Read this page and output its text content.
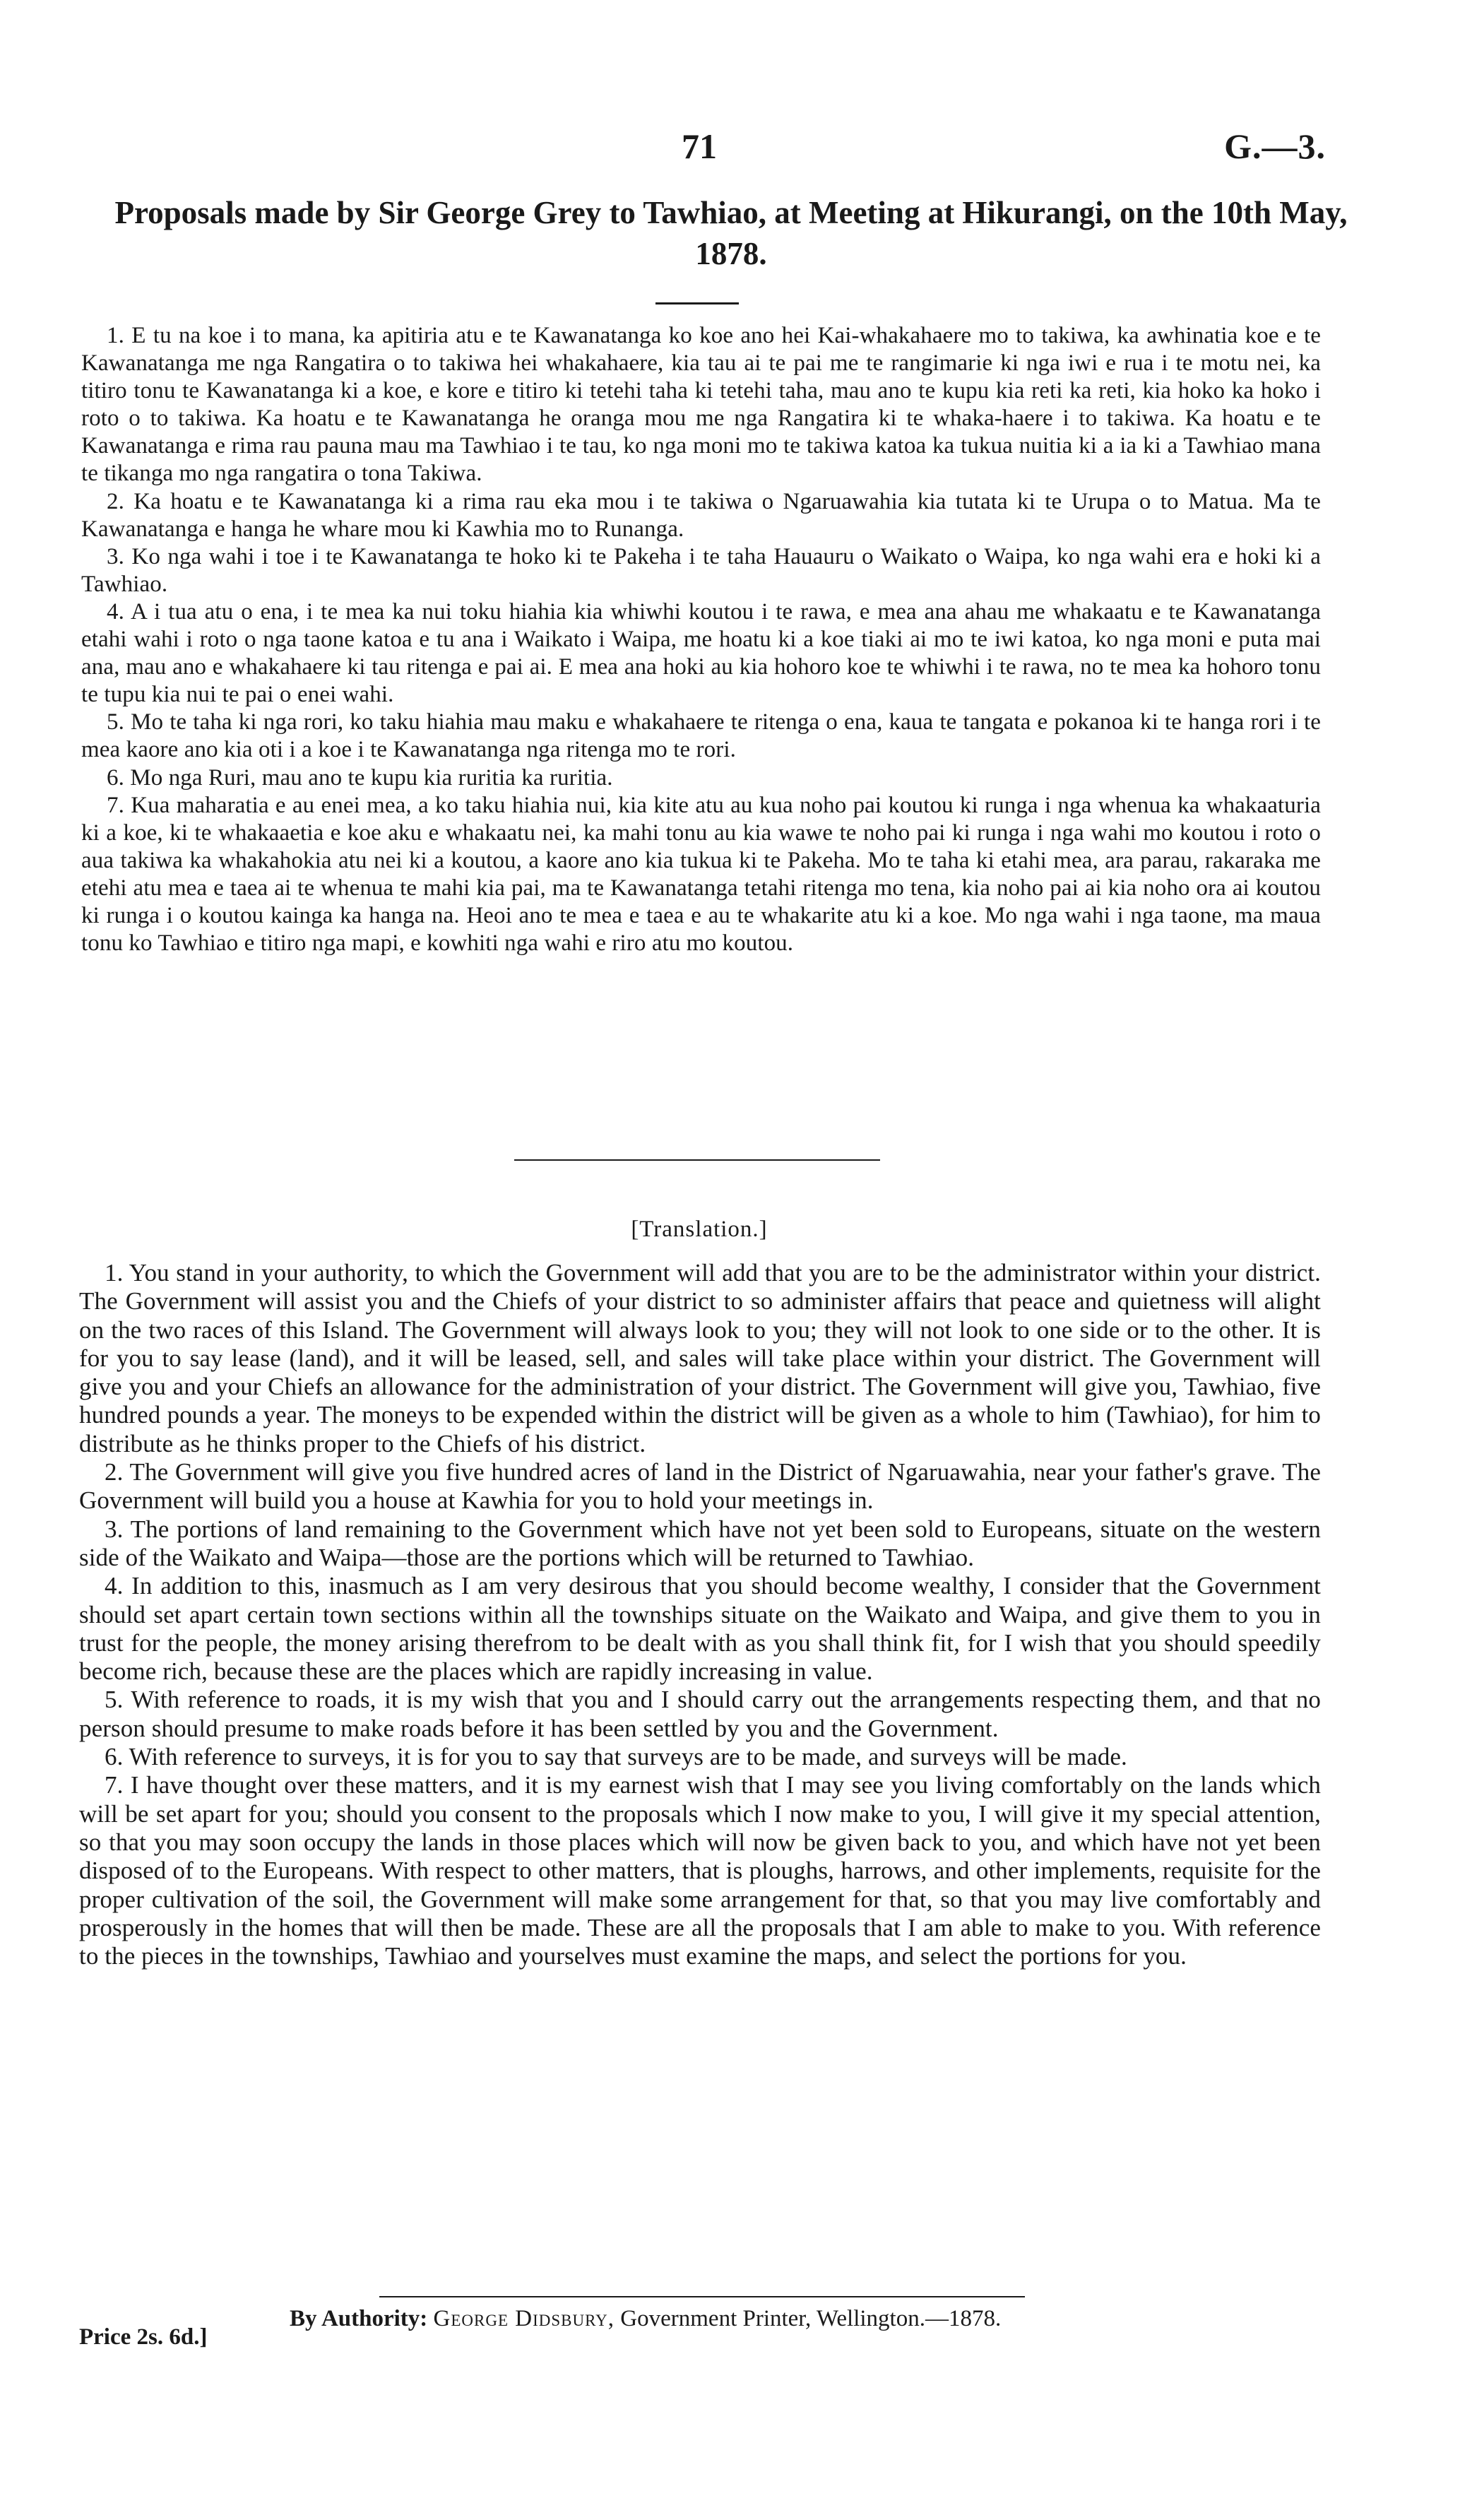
71	G.—3.
Proposals made by Sir George Grey to Tawhiao, at Meeting at Hikurangi, on the 10th May, 1878.

1. E tu na koe i to mana, ka apitiria atu e te Kawanatanga ko koe ano hei Kai-whakahaere mo to takiwa, ka awhinatia koe e te Kawanatanga me nga Rangatira o to takiwa hei whakahaere, kia tau ai te pai me te rangimarie ki nga iwi e rua i te motu nei, ka titiro tonu te Kawanatanga ki a koe, e kore e titiro ki tetehi taha ki tetehi taha, mau ano te kupu kia reti ka reti, kia hoko ka hoko i roto o to takiwa. Ka hoatu e te Kawanatanga he oranga mou me nga Rangatira ki te whaka-haere i to takiwa. Ka hoatu e te Kawanatanga e rima rau pauna mau ma Tawhiao i te tau, ko nga moni mo te takiwa katoa ka tukua nuitia ki a ia ki a Tawhiao mana te tikanga mo nga rangatira o tona Takiwa.

2. Ka hoatu e te Kawanatanga ki a rima rau eka mou i te takiwa o Ngaruawahia kia tutata ki te Urupa o to Matua. Ma te Kawanatanga e hanga he whare mou ki Kawhia mo to Runanga.

3. Ko nga wahi i toe i te Kawanatanga te hoko ki te Pakeha i te taha Hauauru o Waikato o Waipa, ko nga wahi era e hoki ki a Tawhiao.

4. A i tua atu o ena, i te mea ka nui toku hiahia kia whiwhi koutou i te rawa, e mea ana ahau me whakaatu e te Kawanatanga etahi wahi i roto o nga taone katoa e tu ana i Waikato i Waipa, me hoatu ki a koe tiaki ai mo te iwi katoa, ko nga moni e puta mai ana, mau ano e whakahaere ki tau ritenga e pai ai. E mea ana hoki au kia hohoro koe te whiwhi i te rawa, no te mea ka hohoro tonu te tupu kia nui te pai o enei wahi.

5. Mo te taha ki nga rori, ko taku hiahia mau maku e whakahaere te ritenga o ena, kaua te tangata e pokanoa ki te hanga rori i te mea kaore ano kia oti i a koe i te Kawanatanga nga ritenga mo te rori.

6. Mo nga Ruri, mau ano te kupu kia ruritia ka ruritia.

7. Kua maharatia e au enei mea, a ko taku hiahia nui, kia kite atu au kua noho pai koutou ki runga i nga whenua ka whakaaturia ki a koe, ki te whakaaetia e koe aku e whakaatu nei, ka mahi tonu au kia wawe te noho pai ki runga i nga wahi mo koutou i roto o aua takiwa ka whakahokia atu nei ki a koutou, a kaore ano kia tukua ki te Pakeha. Mo te taha ki etahi mea, ara parau, rakaraka me etehi atu mea e taea ai te whenua te mahi kia pai, ma te Kawanatanga tetahi ritenga mo tena, kia noho pai ai kia noho ora ai koutou ki runga i o koutou kainga ka hanga na. Heoi ano te mea e taea e au te whakarite atu ki a koe. Mo nga wahi i nga taone, ma maua tonu ko Tawhiao e titiro nga mapi, e kowhiti nga wahi e riro atu mo koutou.

[Translation.]

1. You stand in your authority, to which the Government will add that you are to be the administrator within your district. The Government will assist you and the Chiefs of your district to so administer affairs that peace and quietness will alight on the two races of this Island. The Government will always look to you; they will not look to one side or to the other. It is for you to say lease (land), and it will be leased, sell, and sales will take place within your district. The Government will give you and your Chiefs an allowance for the administration of your district. The Government will give you, Tawhiao, five hundred pounds a year. The moneys to be expended within the district will be given as a whole to him (Tawhiao), for him to distribute as he thinks proper to the Chiefs of his district.

2. The Government will give you five hundred acres of land in the District of Ngaruawahia, near your father's grave. The Government will build you a house at Kawhia for you to hold your meetings in.

3. The portions of land remaining to the Government which have not yet been sold to Europeans, situate on the western side of the Waikato and Waipa—those are the portions which will be returned to Tawhiao.

4. In addition to this, inasmuch as I am very desirous that you should become wealthy, I consider that the Government should set apart certain town sections within all the townships situate on the Waikato and Waipa, and give them to you in trust for the people, the money arising therefrom to be dealt with as you shall think fit, for I wish that you should speedily become rich, because these are the places which are rapidly increasing in value.

5. With reference to roads, it is my wish that you and I should carry out the arrangements respecting them, and that no person should presume to make roads before it has been settled by you and the Government.

6. With reference to surveys, it is for you to say that surveys are to be made, and surveys will be made.

7. I have thought over these matters, and it is my earnest wish that I may see you living comfortably on the lands which will be set apart for you; should you consent to the proposals which I now make to you, I will give it my special attention, so that you may soon occupy the lands in those places which will now be given back to you, and which have not yet been disposed of to the Europeans. With respect to other matters, that is ploughs, harrows, and other implements, requisite for the proper cultivation of the soil, the Government will make some arrangement for that, so that you may live comfortably and prosperously in the homes that will then be made. These are all the proposals that I am able to make to you. With reference to the pieces in the townships, Tawhiao and yourselves must examine the maps, and select the portions for you.

By Authority: George Didsbury, Government Printer, Wellington.—1878.
Price 2s. 6d.]
